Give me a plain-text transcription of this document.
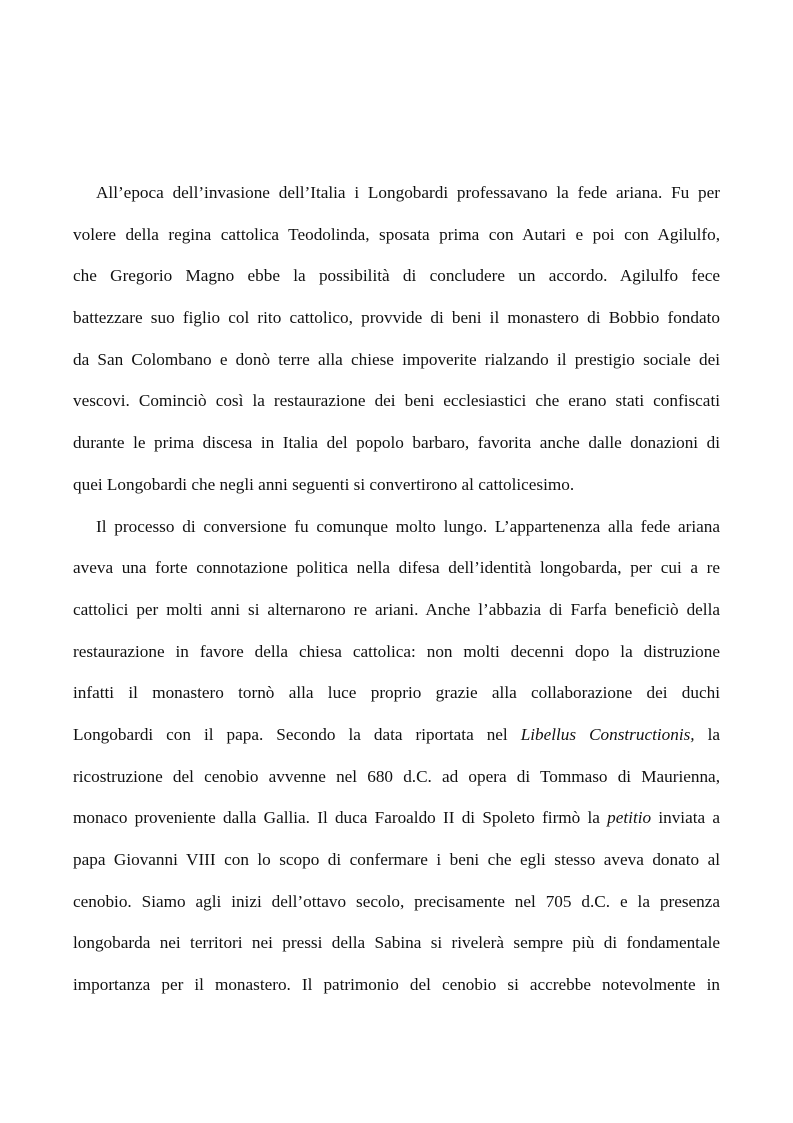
All’epoca dell’invasione dell’Italia i Longobardi professavano la fede ariana. Fu per
volere della regina cattolica Teodolinda, sposata prima con Autari e poi con Agilulfo,
che Gregorio Magno ebbe la possibilità di concludere un accordo. Agilulfo fece
battezzare suo figlio col rito cattolico, provvide di beni il monastero di Bobbio fondato
da San Colombano e donò terre alla chiese impoverite rialzando il prestigio sociale dei
vescovi. Cominciò così la restaurazione dei beni ecclesiastici che erano stati confiscati
durante le prima discesa in Italia del popolo barbaro, favorita anche dalle donazioni di
quei Longobardi che negli anni seguenti si convertirono al cattolicesimo.
Il processo di conversione fu comunque molto lungo. L’appartenenza alla fede ariana
aveva una forte connotazione politica nella difesa dell’identità longobarda, per cui a re
cattolici per molti anni si alternarono re ariani. Anche l’abbazia di Farfa beneficiò della
restaurazione in favore della chiesa cattolica: non molti decenni dopo la distruzione
infatti il monastero tornò alla luce proprio grazie alla collaborazione dei duchi
Longobardi con il papa. Secondo la data riportata nel Libellus Constructionis, la
ricostruzione del cenobio avvenne nel 680 d.C. ad opera di Tommaso di Maurienna,
monaco proveniente dalla Gallia. Il duca Faroaldo II di Spoleto firmò la petitio inviata a
papa Giovanni VIII con lo scopo di confermare i beni che egli stesso aveva donato al
cenobio. Siamo agli inizi dell’ottavo secolo, precisamente nel 705 d.C. e la presenza
longobarda nei territori nei pressi della Sabina si rivelerà sempre più di fondamentale
importanza per il monastero. Il patrimonio del cenobio si accrebbe notevolmente in
